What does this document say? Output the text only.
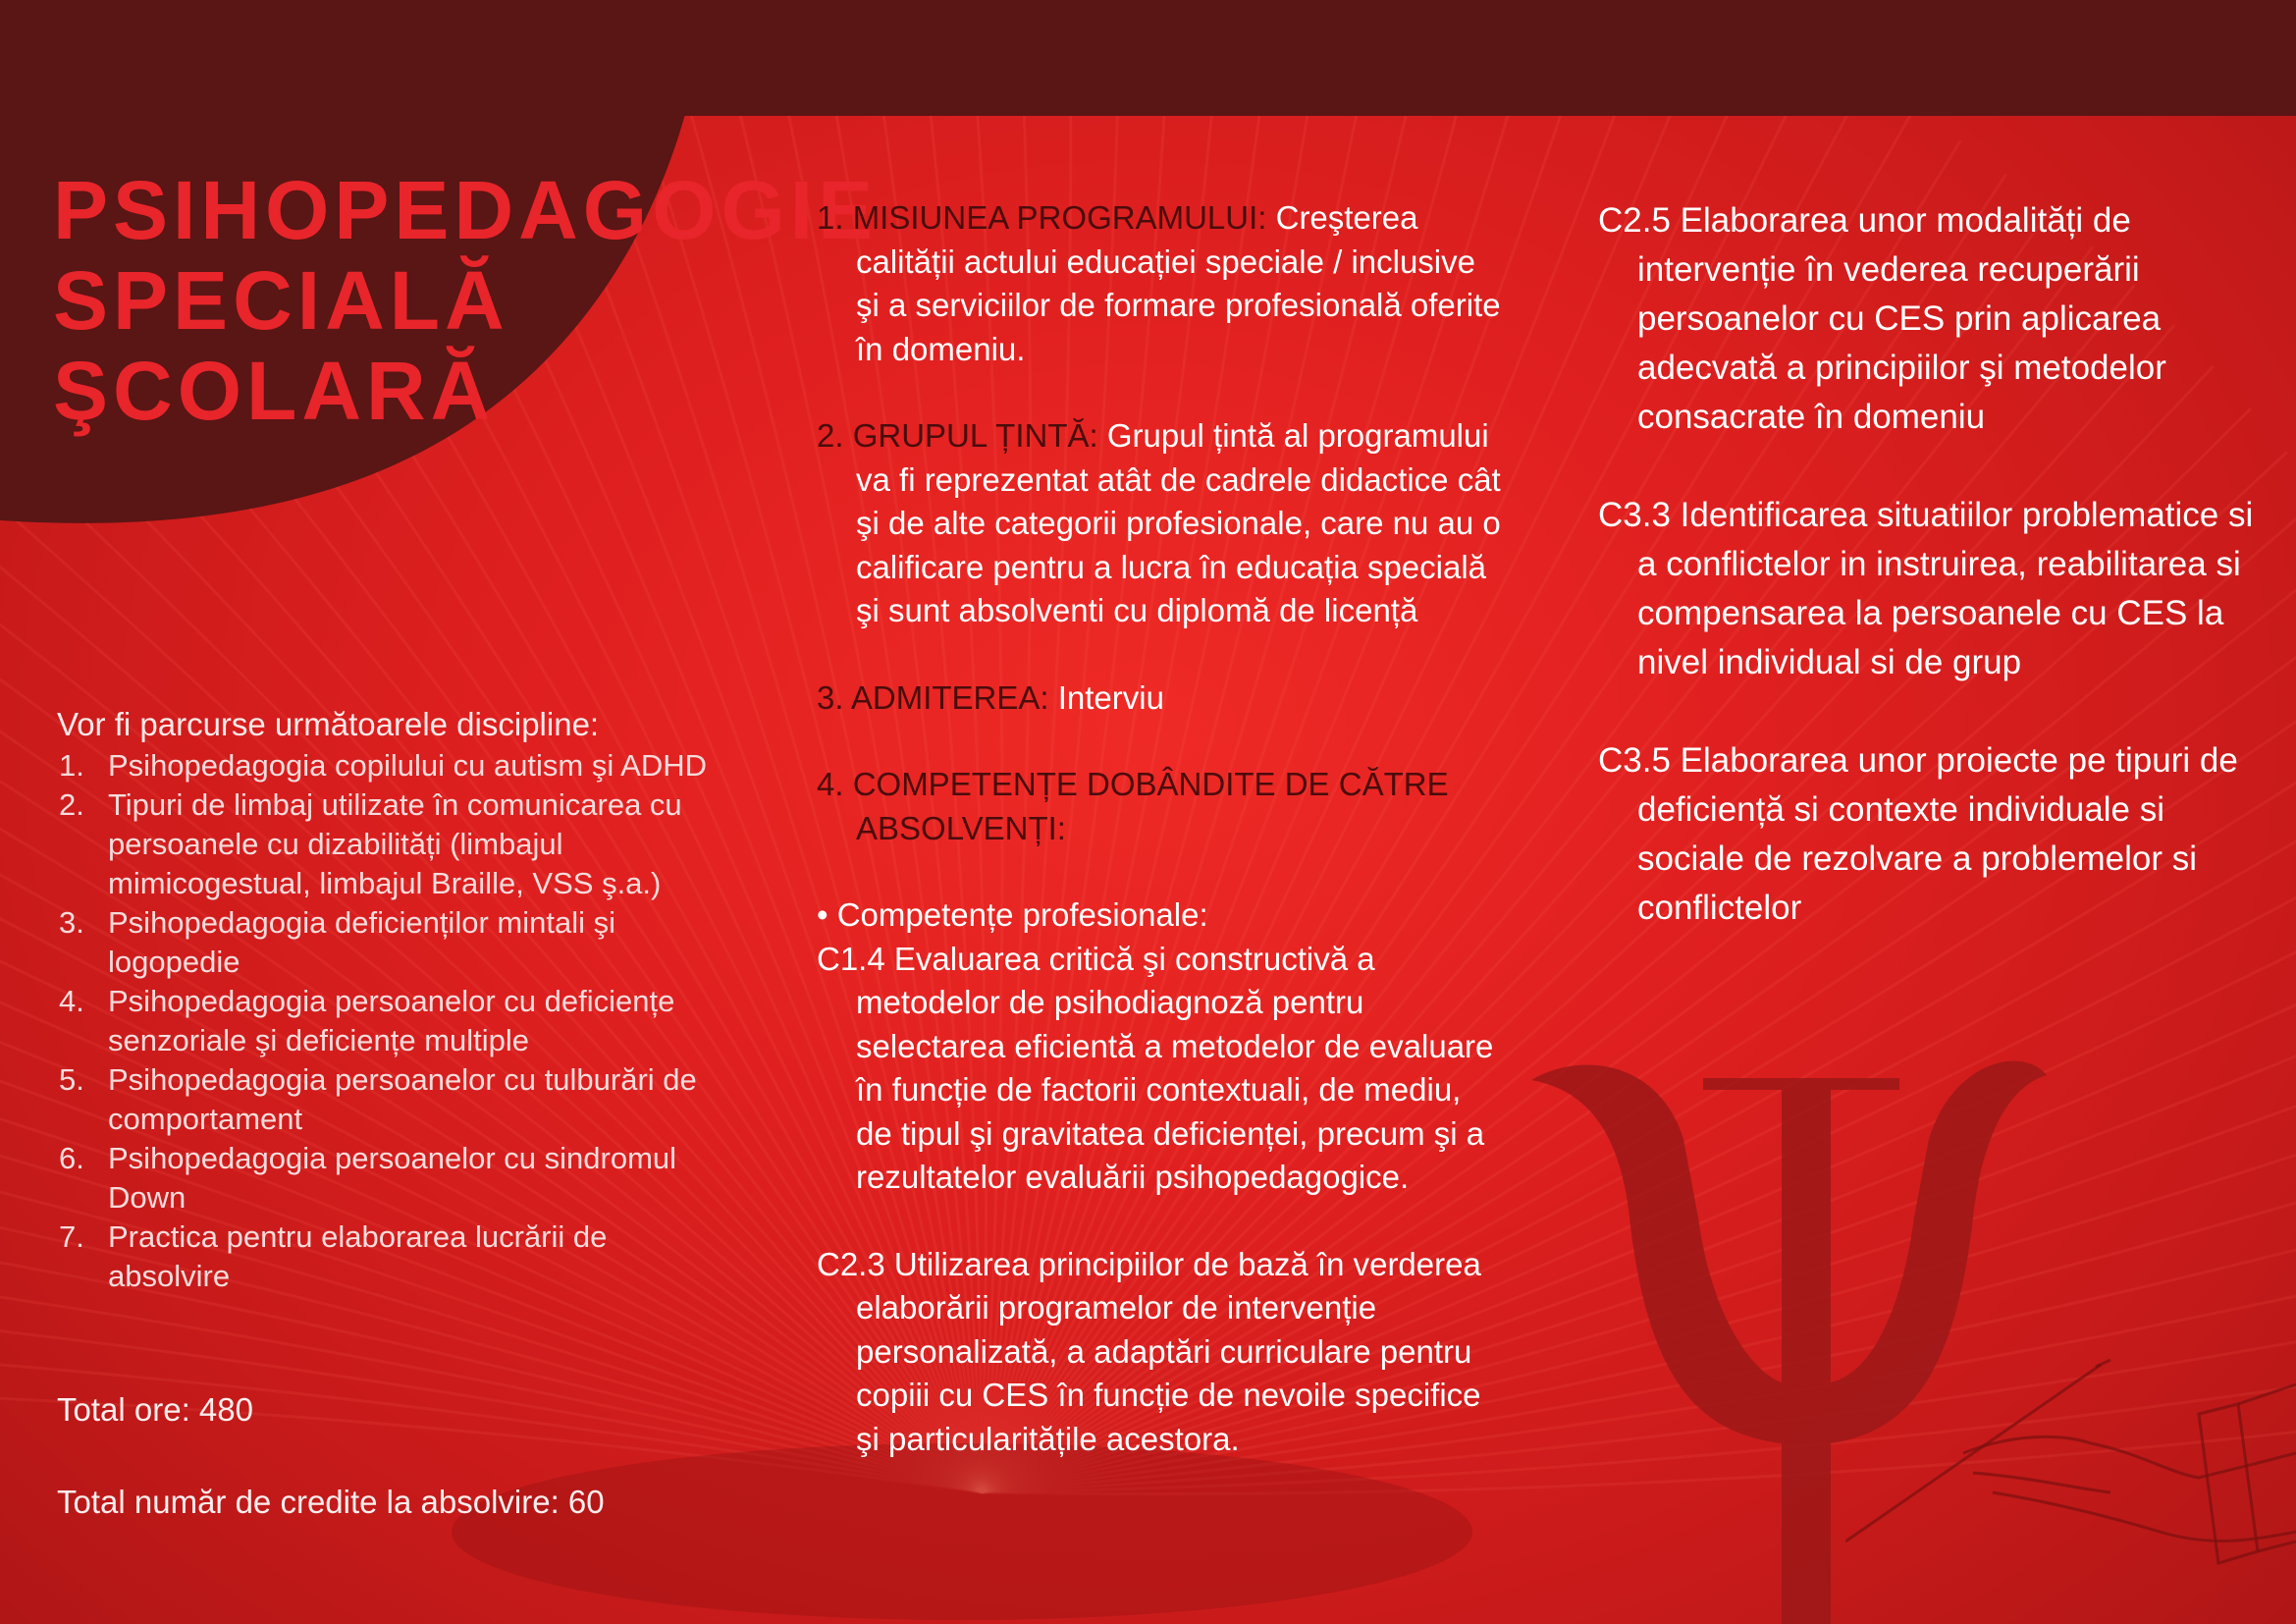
PSIHOPEDAGOGIE
SPECIALĂ
ŞCOLARĂ

Vor fi parcurse următoarele discipline:

1. Psihopedagogia copilului cu autism şi ADHD
2. Tipuri de limbaj utilizate în comunicarea cu persoanele cu dizabilități (limbajul mimicogestual, limbajul Braille, VSS ş.a.)
3. Psihopedagogia deficienților mintali şi logopedie
4. Psihopedagogia persoanelor cu deficiențe senzoriale şi deficiențe multiple
5. Psihopedagogia persoanelor cu tulburări de comportament
6. Psihopedagogia persoanelor cu sindromul Down
7. Practica pentru elaborarea lucrării de absolvire

Total ore: 480

Total număr de credite la absolvire: 60

1. MISIUNEA PROGRAMULUI: Creşterea calității actului educației speciale / inclusive şi a serviciilor de formare profesională oferite în domeniu.

2. GRUPUL ȚINTĂ: Grupul țintă al programului va fi reprezentat atât de cadrele didactice cât şi de alte categorii profesionale, care nu au o calificare pentru a lucra în educația specială şi sunt absolventi cu diplomă de licență

3. ADMITEREA: Interviu

4. COMPETENȚE DOBÂNDITE DE CĂTRE ABSOLVENȚI:

• Competențe profesionale:

C1.4 Evaluarea critică şi constructivă a metodelor de psihodiagnoză pentru selectarea eficientă a metodelor de evaluare în funcție de factorii contextuali, de mediu, de tipul şi gravitatea deficienței, precum şi a rezultatelor evaluării psihopedagogice.

C2.3 Utilizarea principiilor de bază în verderea elaborării programelor de intervenție personalizată, a adaptări curriculare pentru copiii cu CES în funcție de nevoile specifice şi particularitățile acestora.

C2.5 Elaborarea unor modalități de intervenție în vederea recuperării persoanelor cu CES prin aplicarea adecvată a principiilor şi metodelor consacrate în domeniu

C3.3 Identificarea situatiilor problematice si a conflictelor in instruirea, reabilitarea si compensarea la persoanele cu CES la nivel individual si de grup

C3.5 Elaborarea unor proiecte pe tipuri de deficiență si contexte individuale si sociale de rezolvare a problemelor si conflictelor
